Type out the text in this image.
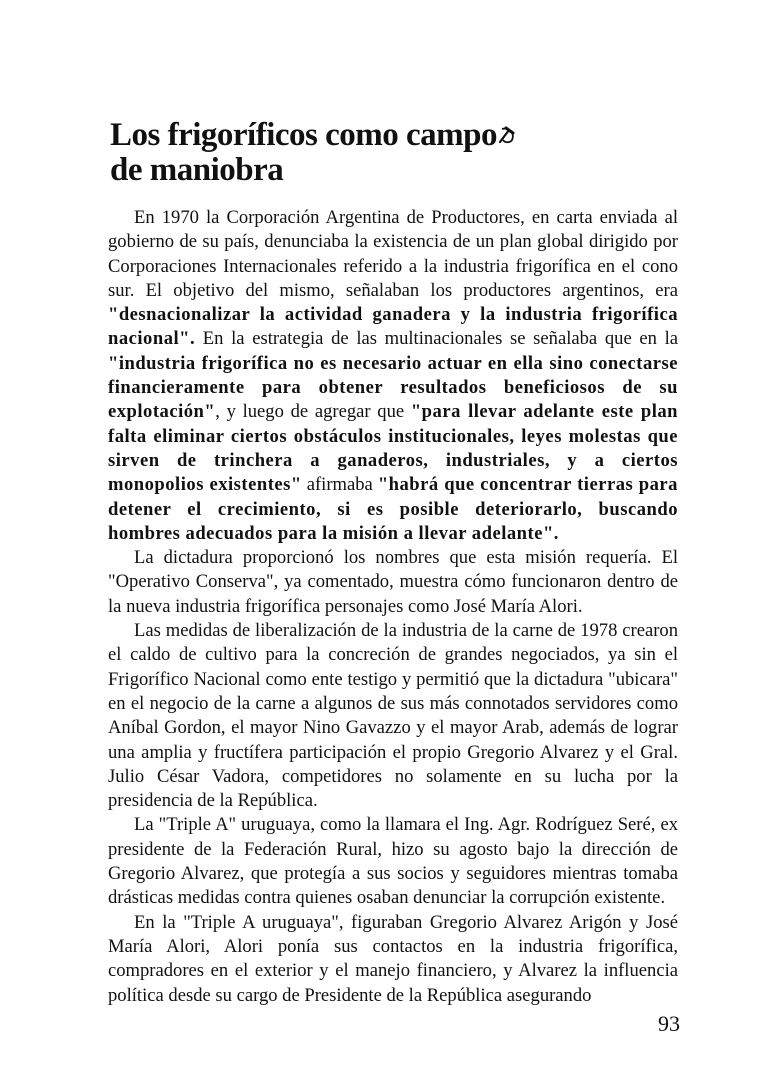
Los frigoríficos como campo
de maniobra

En 1970 la Corporación Argentina de Productores, en carta enviada al gobierno de su país, denunciaba la existencia de un plan global dirigido por Corporaciones Internacionales referido a la industria frigorífica en el cono sur. El objetivo del mismo, señalaban los productores argentinos, era "desnacionalizar la actividad ganadera y la industria frigorífica nacional". En la estrategia de las multinacionales se señalaba que en la "industria frigorífica no es necesario actuar en ella sino conectarse financieramente para obtener resultados beneficiosos de su explotación", y luego de agregar que "para llevar adelante este plan falta eliminar ciertos obstáculos institucionales, leyes molestas que sirven de trinchera a ganaderos, industriales, y a ciertos monopolios existentes" afirmaba "habrá que concentrar tierras para detener el crecimiento, si es posible deteriorarlo, buscando hombres adecuados para la misión a llevar adelante".

La dictadura proporcionó los nombres que esta misión requería. El "Operativo Conserva", ya comentado, muestra cómo funcionaron dentro de la nueva industria frigorífica personajes como José María Alori.

Las medidas de liberalización de la industria de la carne de 1978 crearon el caldo de cultivo para la concreción de grandes negociados, ya sin el Frigorífico Nacional como ente testigo y permitió que la dictadura "ubicara" en el negocio de la carne a algunos de sus más connotados servidores como Aníbal Gordon, el mayor Nino Gavazzo y el mayor Arab, además de lograr una amplia y fructífera participación el propio Gregorio Alvarez y el Gral. Julio César Vadora, competidores no solamente en su lucha por la presidencia de la República.

La "Triple A" uruguaya, como la llamara el Ing. Agr. Rodríguez Seré, ex presidente de la Federación Rural, hizo su agosto bajo la dirección de Gregorio Alvarez, que protegía a sus socios y seguidores mientras tomaba drásticas medidas contra quienes osaban denunciar la corrupción existente.

En la "Triple A uruguaya", figuraban Gregorio Alvarez Arigón y José María Alori, Alori ponía sus contactos en la industria frigorífica, compradores en el exterior y el manejo financiero, y Alvarez la influencia política desde su cargo de Presidente de la República asegurando

93
